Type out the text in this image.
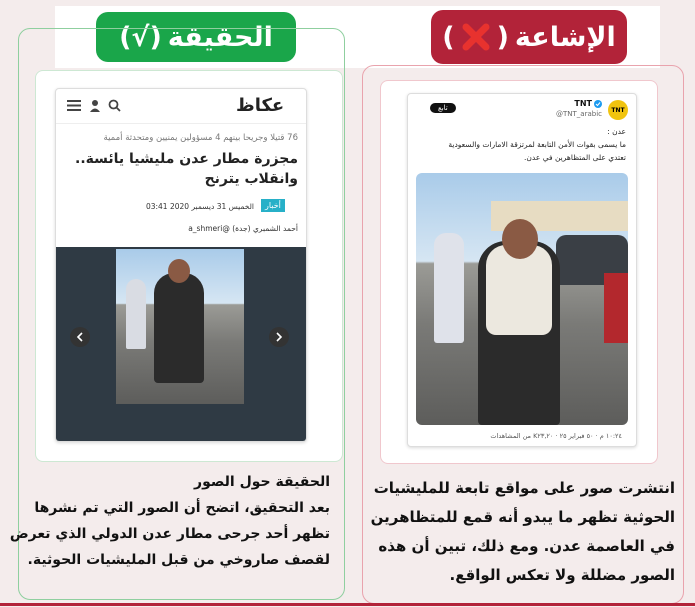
الحقيقة
(√)	الإشاعة
(
)
عكاظ
76 قتيلا وجريحا بينهم 4 مسؤولين يمنيين ومتحدثة أممية
مجزرة مطار عدن مليشيا يائسة..
وانقلاب يترنح
أخبار
الخميس 31 ديسمبر 2020 03:41
أحمد الشمبري (جدة) @a_shmeri
TNT
TNT
@TNT_arabic
تابع
عدن :
ما يسمى بقوات الأمن التابعة لمرتزقة الامارات والسعودية
تعتدي على المتظاهرين في عدن.
١٠:٢٤ م · ٥٠ فبراير ٢٥ · K٢٣,٢٠ من المشاهدات
الحقيقة حول الصور
بعد التحقيق، اتضح أن الصور التي تم نشرها
تظهر أحد جرحى مطار عدن الدولي الذي تعرض
لقصف صاروخي من قبل المليشيات الحوثية.
انتشرت صور على مواقع تابعة للمليشيات
الحوثية تظهر ما يبدو أنه قمع للمتظاهرين
في العاصمة عدن. ومع ذلك، تبين أن هذه
الصور مضللة ولا تعكس الواقع.
